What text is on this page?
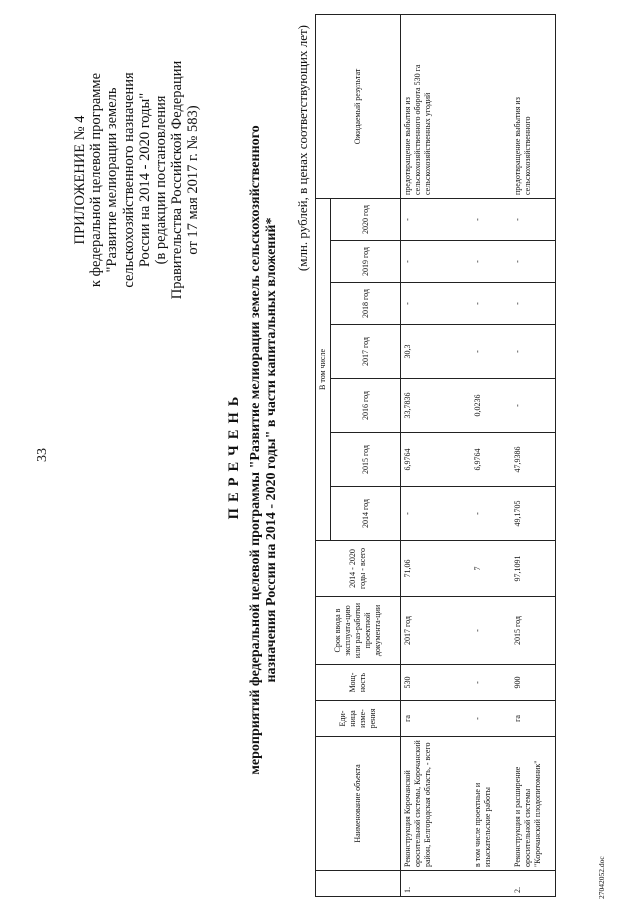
33
ПРИЛОЖЕНИЕ № 4 к федеральной целевой программе "Развитие мелиорации земель сельскохозяйственного назначения России на 2014 - 2020 годы" (в редакции постановления Правительства Российской Федерации от 17 мая 2017 г. № 583)
ПЕРЕЧЕНЬ мероприятий федеральной целевой программы "Развитие мелиорации земель сельскохозяйственного назначения России на 2014 - 2020 годы" в части капитальных вложений*
(млн. рублей, в ценах соответствующих лет)
	Наименование объекта	Еди-ница изме-рения	Мощ-ность	Срок ввода в эксплуата-цию или раз-работки проектной документа-ции	2014 - 2020 годы - всего	В том числе							Ожидаемый результат
						2014 год	2015 год	2016 год	2017 год	2018 год	2019 год	2020 год	
1.	Реконструкция Корочанской оросительной системы, Корочанский район, Белгородская область, - всего	га	530	2017 год	71,06	-	6,9764	33,7836	30,3	-	-	-	предотвращение выбытия из сельскохозяйственного оборота 530 га сельскохозяйственных угодий
	в том числе проектные и изыскательские работы	-	-	-	7	-	6,9764	0,0236	-	-	-	-	
2.	Реконструкция и расширение оросительной системы "Корочанский плодопитомник"	га	900	2015 год	97,1091	49,1705	47,9386	-	-	-	-	-	предотвращение выбытия из сельскохозяйственного
27042052.doc
